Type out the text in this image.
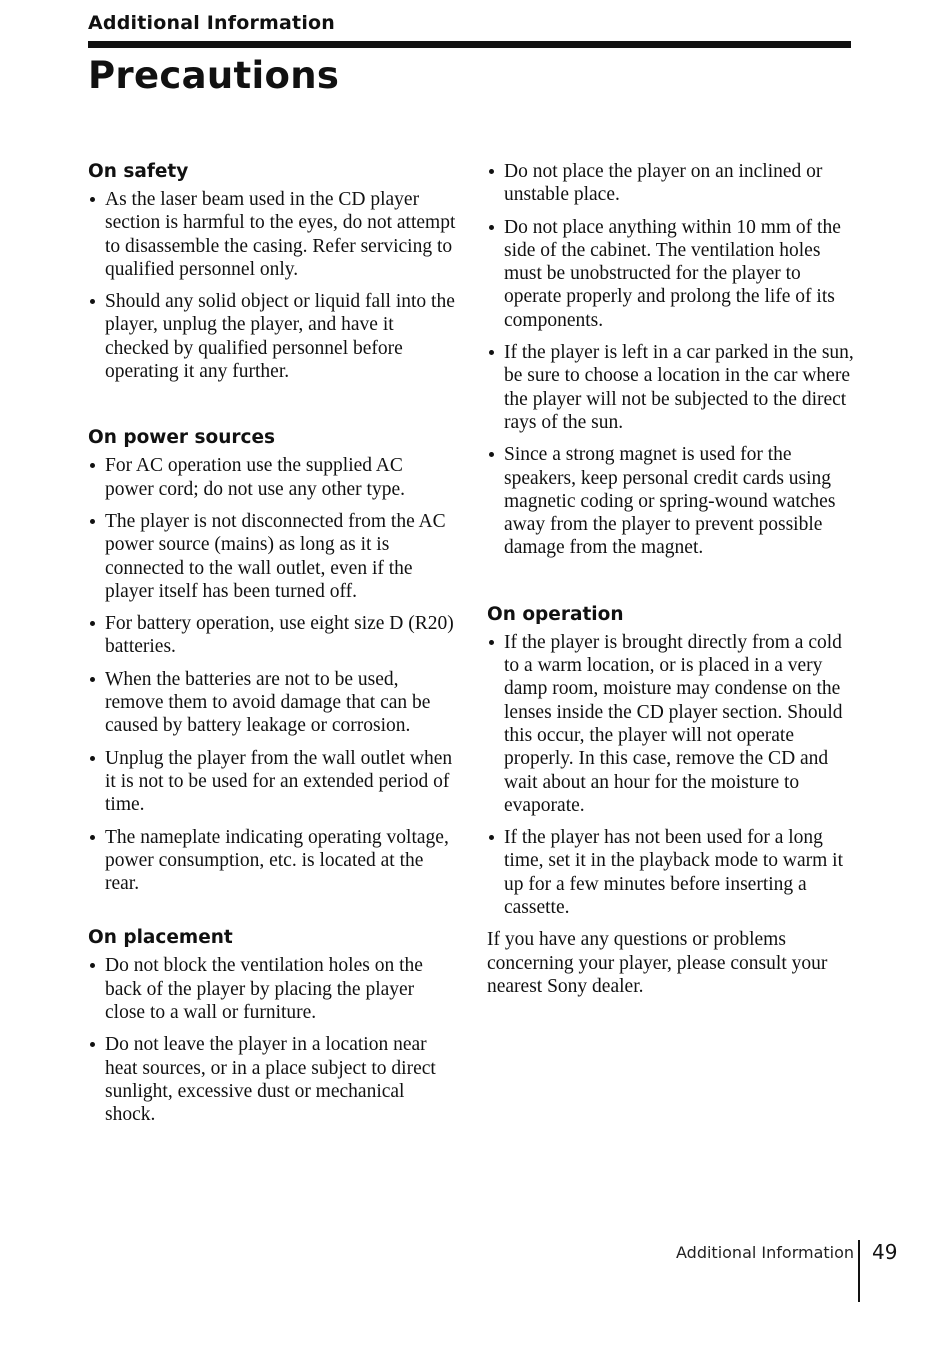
Additional Information
Precautions
On safety
As the laser beam used in the CD player section is harmful to the eyes, do not attempt to disassemble the casing. Refer servicing to qualified personnel only.
Should any solid object or liquid fall into the player, unplug the player, and have it checked by qualified personnel before operating it any further.
On power sources
For AC operation use the supplied AC power cord; do not use any other type.
The player is not disconnected from the AC power source (mains) as long as it is connected to the wall outlet, even if the player itself has been turned off.
For battery operation, use eight size D (R20) batteries.
When the batteries are not to be used, remove them to avoid damage that can be caused by battery leakage or corrosion.
Unplug the player from the wall outlet when it is not to be used for an extended period of time.
The nameplate indicating operating voltage, power consumption, etc. is located at the rear.
On placement
Do not block the ventilation holes on the back of the player by placing the player close to a wall or furniture.
Do not leave the player in a location near heat sources, or in a place subject to direct sunlight, excessive dust or mechanical shock.
Do not place the player on an inclined or unstable place.
Do not place anything within 10 mm of the side of the cabinet. The ventilation holes must be unobstructed for the player to operate properly and prolong the life of its components.
If the player is left in a car parked in the sun, be sure to choose a location in the car where the player will not be subjected to the direct rays of the sun.
Since a strong magnet is used for the speakers, keep personal credit cards using magnetic coding or spring-wound watches away from the player to prevent possible damage from the magnet.
On operation
If the player is brought directly from a cold to a warm location, or is placed in a very damp room, moisture may condense on the lenses inside the CD player section. Should this occur, the player will not operate properly. In this case, remove the CD and wait about an hour for the moisture to evaporate.
If the player has not been used for a long time, set it in the playback mode to warm it up for a few minutes before inserting a cassette.

If you have any questions or problems concerning your player, please consult your nearest Sony dealer.

Additional Information 49
